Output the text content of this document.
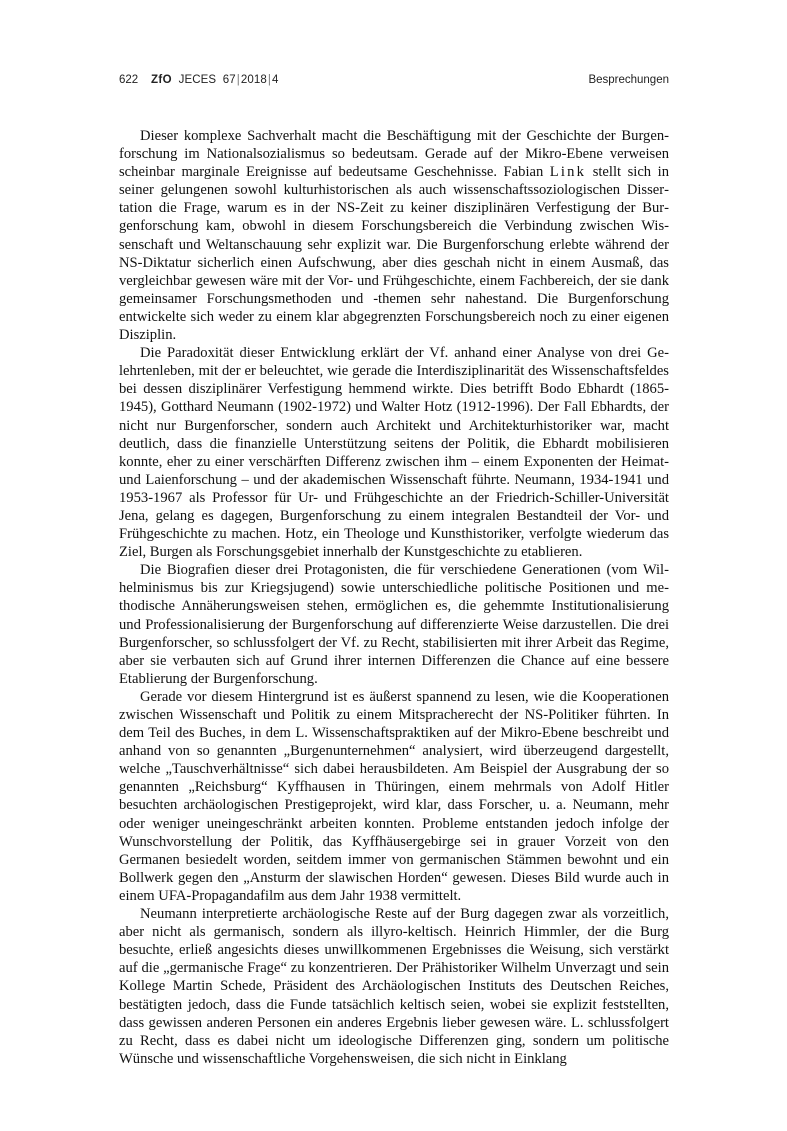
622 ZfO JECES 67|2018|4	Besprechungen

Dieser komplexe Sachverhalt macht die Beschäftigung mit der Geschichte der Burgenforschung im Nationalsozialismus so bedeutsam. Gerade auf der Mikro-Ebene verweisen scheinbar marginale Ereignisse auf bedeutsame Geschehnisse. Fabian Link stellt sich in seiner gelungenen sowohl kulturhistorischen als auch wissenschaftssoziologischen Dissertation die Frage, warum es in der NS-Zeit zu keiner disziplinären Verfestigung der Burgenforschung kam, obwohl in diesem Forschungsbereich die Verbindung zwischen Wissenschaft und Weltanschauung sehr explizit war. Die Burgenforschung erlebte während der NS-Diktatur sicherlich einen Aufschwung, aber dies geschah nicht in einem Ausmaß, das vergleichbar gewesen wäre mit der Vor- und Frühgeschichte, einem Fachbereich, der sie dank gemeinsamer Forschungsmethoden und -themen sehr nahestand. Die Burgenforschung entwickelte sich weder zu einem klar abgegrenzten Forschungsbereich noch zu einer eigenen Disziplin.

Die Paradoxität dieser Entwicklung erklärt der Vf. anhand einer Analyse von drei Gelehrtenleben, mit der er beleuchtet, wie gerade die Interdisziplinarität des Wissenschaftsfeldes bei dessen disziplinärer Verfestigung hemmend wirkte. Dies betrifft Bodo Ebhardt (1865-1945), Gotthard Neumann (1902-1972) und Walter Hotz (1912-1996). Der Fall Ebhardts, der nicht nur Burgenforscher, sondern auch Architekt und Architekturhistoriker war, macht deutlich, dass die finanzielle Unterstützung seitens der Politik, die Ebhardt mobilisieren konnte, eher zu einer verschärften Differenz zwischen ihm – einem Exponenten der Heimat- und Laienforschung – und der akademischen Wissenschaft führte. Neumann, 1934-1941 und 1953-1967 als Professor für Ur- und Frühgeschichte an der Friedrich-Schiller-Universität Jena, gelang es dagegen, Burgenforschung zu einem integralen Bestandteil der Vor- und Frühgeschichte zu machen. Hotz, ein Theologe und Kunsthistoriker, verfolgte wiederum das Ziel, Burgen als Forschungsgebiet innerhalb der Kunstgeschichte zu etablieren.

Die Biografien dieser drei Protagonisten, die für verschiedene Generationen (vom Wilhelminismus bis zur Kriegsjugend) sowie unterschiedliche politische Positionen und methodische Annäherungsweisen stehen, ermöglichen es, die gehemmte Institutionalisierung und Professionalisierung der Burgenforschung auf differenzierte Weise darzustellen. Die drei Burgenforscher, so schlussfolgert der Vf. zu Recht, stabilisierten mit ihrer Arbeit das Regime, aber sie verbauten sich auf Grund ihrer internen Differenzen die Chance auf eine bessere Etablierung der Burgenforschung.

Gerade vor diesem Hintergrund ist es äußerst spannend zu lesen, wie die Kooperationen zwischen Wissenschaft und Politik zu einem Mitspracherecht der NS-Politiker führten. In dem Teil des Buches, in dem L. Wissenschaftspraktiken auf der Mikro-Ebene beschreibt und anhand von so genannten „Burgenunternehmen“ analysiert, wird überzeugend dargestellt, welche „Tauschverhältnisse“ sich dabei herausbildeten. Am Beispiel der Ausgrabung der so genannten „Reichsburg“ Kyffhausen in Thüringen, einem mehrmals von Adolf Hitler besuchten archäologischen Prestigeprojekt, wird klar, dass Forscher, u. a. Neumann, mehr oder weniger uneingeschränkt arbeiten konnten. Probleme entstanden jedoch infolge der Wunschvorstellung der Politik, das Kyffhäusergebirge sei in grauer Vorzeit von den Germanen besiedelt worden, seitdem immer von germanischen Stämmen bewohnt und ein Bollwerk gegen den „Ansturm der slawischen Horden“ gewesen. Dieses Bild wurde auch in einem UFA-Propagandafilm aus dem Jahr 1938 vermittelt.

Neumann interpretierte archäologische Reste auf der Burg dagegen zwar als vorzeitlich, aber nicht als germanisch, sondern als illyro-keltisch. Heinrich Himmler, der die Burg besuchte, erließ angesichts dieses unwillkommenen Ergebnisses die Weisung, sich verstärkt auf die „germanische Frage“ zu konzentrieren. Der Prähistoriker Wilhelm Unverzagt und sein Kollege Martin Schede, Präsident des Archäologischen Instituts des Deutschen Reiches, bestätigten jedoch, dass die Funde tatsächlich keltisch seien, wobei sie explizit feststellten, dass gewissen anderen Personen ein anderes Ergebnis lieber gewesen wäre. L. schlussfolgert zu Recht, dass es dabei nicht um ideologische Differenzen ging, sondern um politische Wünsche und wissenschaftliche Vorgehensweisen, die sich nicht in Einklang
